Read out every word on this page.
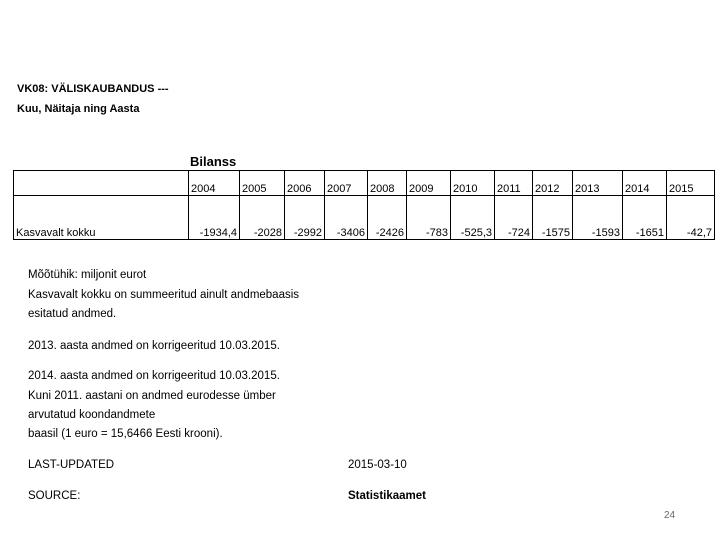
VK08: VÄLISKAUBANDUS ---
Kuu, Näitaja ning Aasta
Bilanss
	2004	2005	2006	2007	2008	2009	2010	2011	2012	2013	2014	2015
Kasvavalt kokku	-1934,4	-2028	-2992	-3406	-2426	-783	-525,3	-724	-1575	-1593	-1651	-42,7
Mõõtühik: miljonit eurot
Kasvavalt kokku on summeeritud ainult andmebaasis
esitatud andmed.
2013. aasta andmed on korrigeeritud 10.03.2015.
2014. aasta andmed on korrigeeritud 10.03.2015.
Kuni 2011. aastani on andmed eurodesse ümber
arvutatud koondandmete
baasil (1 euro = 15,6466 Eesti krooni).
LAST-UPDATED	2015-03-10
SOURCE:	Statistikaamet
24
